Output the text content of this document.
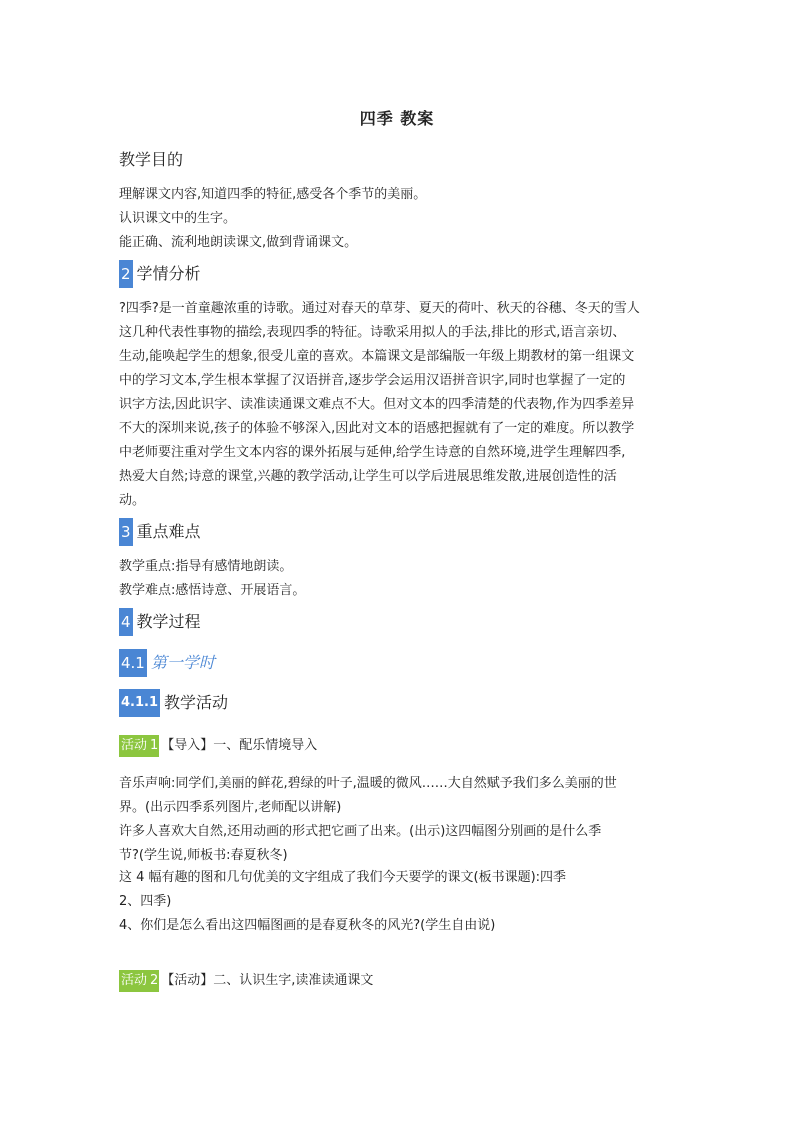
四季 教案
教学目的

理解课文内容,知道四季的特征,感受各个季节的美丽。

认识课文中的生字。

能正确、流利地朗读课文,做到背诵课文。

2 学情分析

?四季?是一首童趣浓重的诗歌。通过对春天的草芽、夏天的荷叶、秋天的谷穗、冬天的雪人

这几种代表性事物的描绘,表现四季的特征。诗歌采用拟人的手法,排比的形式,语言亲切、

生动,能唤起学生的想象,很受儿童的喜欢。本篇课文是部编版一年级上期教材的第一组课文

中的学习文本,学生根本掌握了汉语拼音,逐步学会运用汉语拼音识字,同时也掌握了一定的

识字方法,因此识字、读准读通课文难点不大。但对文本的四季清楚的代表物,作为四季差异

不大的深圳来说,孩子的体验不够深入,因此对文本的语感把握就有了一定的难度。所以教学

中老师要注重对学生文本内容的课外拓展与延伸,给学生诗意的自然环境,进学生理解四季,

热爱大自然;诗意的课堂,兴趣的教学活动,让学生可以学后进展思维发散,进展创造性的活

动。

3 重点难点

教学重点:指导有感情地朗读。

教学难点:感悟诗意、开展语言。

4 教学过程
4.1 第一学时
4.1.1 教学活动
活动 1 【导入】一、配乐情境导入

音乐声响:同学们,美丽的鲜花,碧绿的叶子,温暖的微风……大自然赋予我们多么美丽的世

界。(出示四季系列图片,老师配以讲解)

许多人喜欢大自然,还用动画的形式把它画了出来。(出示)这四幅图分别画的是什么季

节?(学生说,师板书:春夏秋冬)

这 4 幅有趣的图和几句优美的文字组成了我们今天要学的课文(板书课题):四季

2、四季)

4、你们是怎么看出这四幅图画的是春夏秋冬的风光?(学生自由说)

活动 2 【活动】二、认识生字,读准读通课文
